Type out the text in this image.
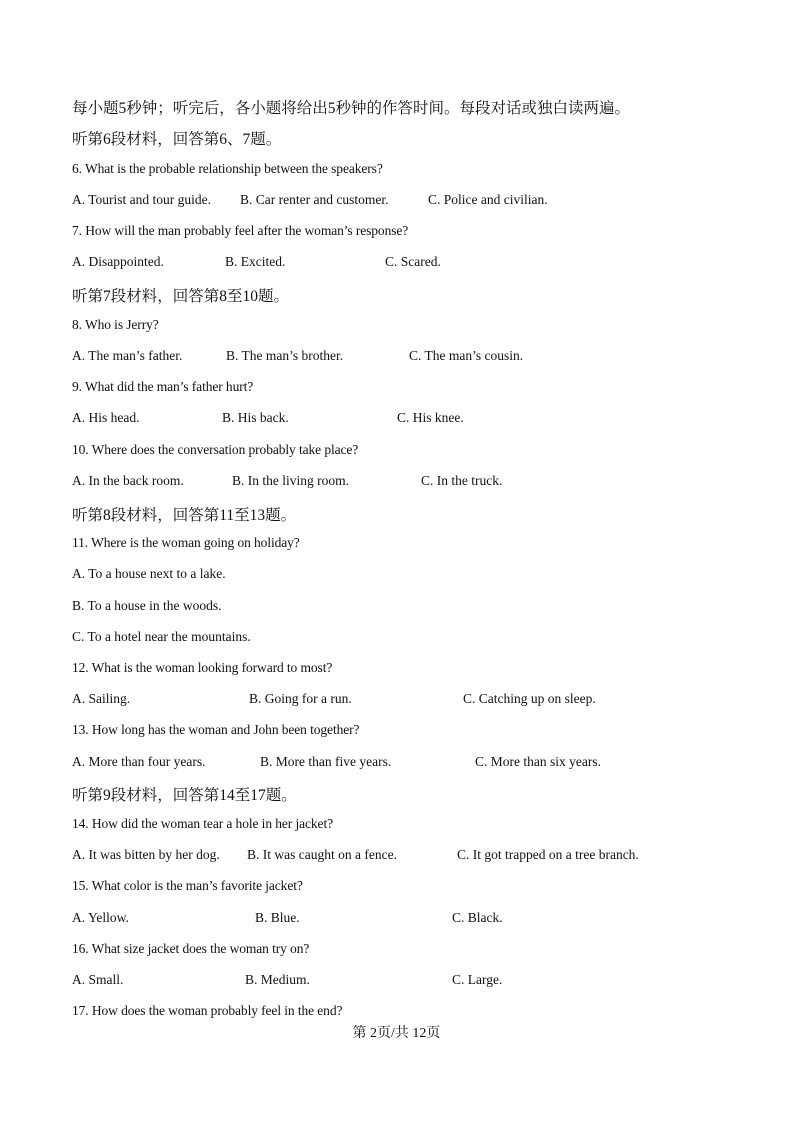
每小题5秒钟；听完后，各小题将给出5秒钟的作答时间。每段对话或独白读两遍。
听第6段材料，回答第6、7题。
6. What is the probable relationship between the speakers?
A. Tourist and tour guide. B. Car renter and customer.	C. Police and civilian.
7. How will the man probably feel after the woman’s response?
A. Disappointed.	B. Excited.	C. Scared.
听第7段材料，回答第8至10题。
8. Who is Jerry?
A. The man’s father.	B. The man’s brother.	C. The man’s cousin.
9. What did the man’s father hurt?
A. His head.	B. His back.	C. His knee.
10. Where does the conversation probably take place?
A. In the back room.	B. In the living room.	C. In the truck.
听第8段材料，回答第11至13题。
11. Where is the woman going on holiday?
A. To a house next to a lake.
B. To a house in the woods.
C. To a hotel near the mountains.
12. What is the woman looking forward to most?
A. Sailing.	B. Going for a run.	C. Catching up on sleep.
13. How long has the woman and John been together?
A. More than four years.	B. More than five years.	C. More than six years.
听第9段材料，回答第14至17题。
14. How did the woman tear a hole in her jacket?
A. It was bitten by her dog. B. It was caught on a fence.	C. It got trapped on a tree branch.
15. What color is the man’s favorite jacket?
A. Yellow.	B. Blue.	C. Black.
16. What size jacket does the woman try on?
A. Small.	B. Medium.	C. Large.
17. How does the woman probably feel in the end?
第 2页/共 12页
